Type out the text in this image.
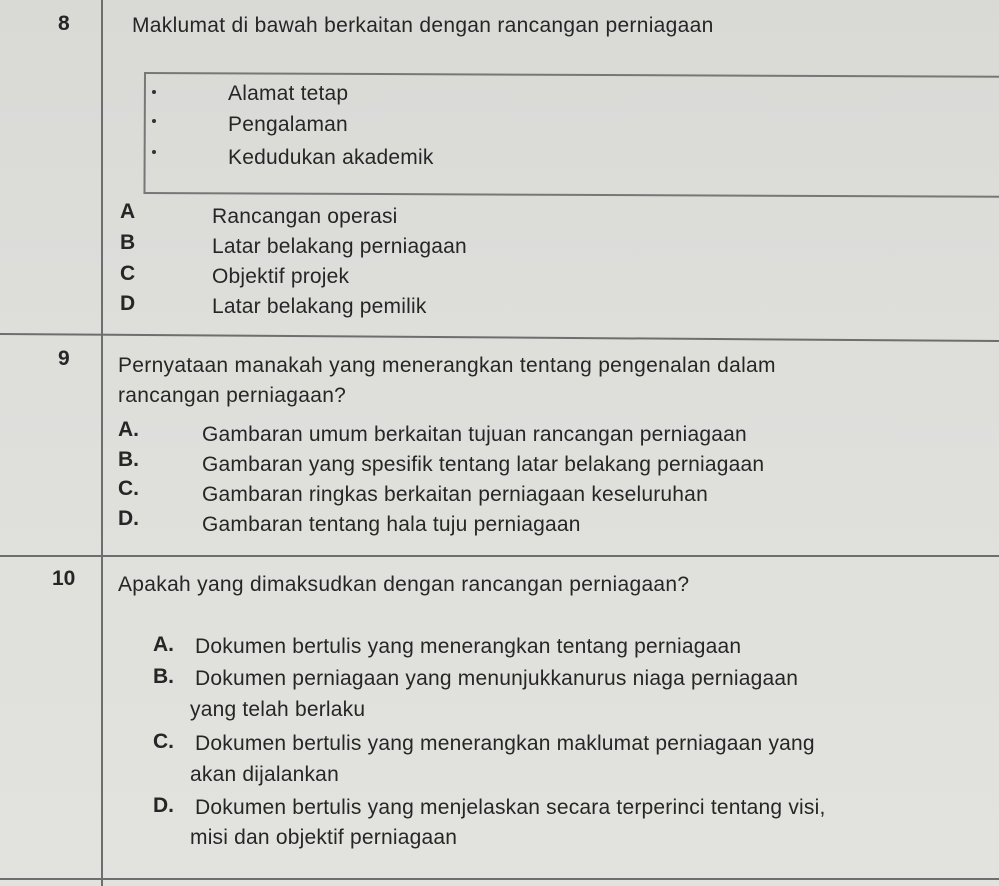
8	Maklumat di bawah berkaitan dengan rancangan perniagaan
Alamat tetap
Pengalaman
Kedudukan akademik
A	Rancangan operasi
B	Latar belakang perniagaan
C	Objektif projek
D	Latar belakang pemilik
9 Pernyataan manakah yang menerangkan tentang pengenalan dalam
rancangan perniagaan?
A.	Gambaran umum berkaitan tujuan rancangan perniagaan
B.	Gambaran yang spesifik tentang latar belakang perniagaan
C.	Gambaran ringkas berkaitan perniagaan keseluruhan
D.	Gambaran tentang hala tuju perniagaan
10 Apakah yang dimaksudkan dengan rancangan perniagaan?
A. Dokumen bertulis yang menerangkan tentang perniagaan
B. Dokumen perniagaan yang menunjukkanurus niaga perniagaan
yang telah berlaku
C. Dokumen bertulis yang menerangkan maklumat perniagaan yang
akan dijalankan
D. Dokumen bertulis yang menjelaskan secara terperinci tentang visi,
misi dan objektif perniagaan
